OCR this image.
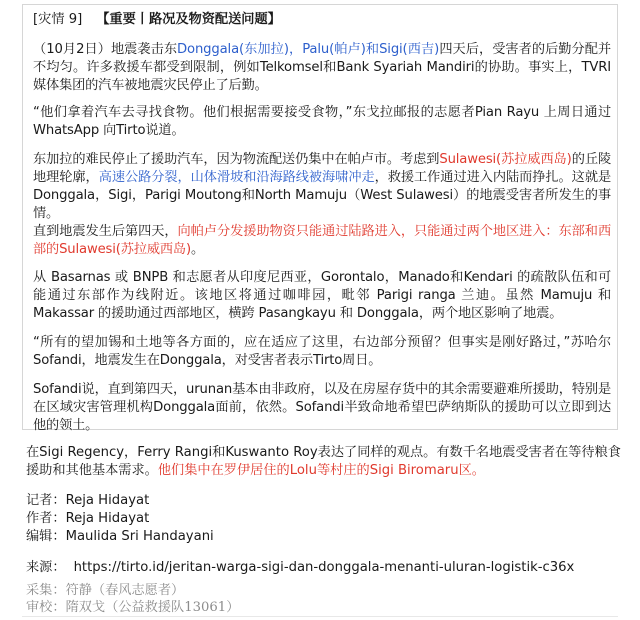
[灾情 9] 【重要丨路况及物资配送问题】

（10月2日）地震袭击东Donggala(东加拉)，Palu(帕卢)和Sigi(西吉)四天后，受害者的后勤分配并不均匀。许多救援车都受到限制，例如Telkomsel和Bank Syariah Mandiri的协助。事实上，TVRI媒体集团的汽车被地震灾民停止了后勤。

“他们拿着汽车去寻找食物。他们根据需要接受食物，”东戈拉邮报的志愿者Pian Rayu 上周日通过 WhatsApp 向Tirto说道。

东加拉的难民停止了援助汽车，因为物流配送仍集中在帕卢市。考虑到Sulawesi(苏拉威西岛)的丘陵地理轮廓，高速公路分裂，山体滑坡和沿海路线被海啸冲走，救援工作通过进入内陆而挣扎。这就是Donggala，Sigi，Parigi Moutong和North Mamuju（West Sulawesi）的地震受害者所发生的事情。

直到地震发生后第四天，向帕卢分发援助物资只能通过陆路进入，只能通过两个地区进入：东部和西部的Sulawesi(苏拉威西岛)。

从 Basarnas 或 BNPB 和志愿者从印度尼西亚，Gorontalo，Manado和Kendari 的疏散队伍和可能通过东部作为线附近。该地区将通过咖啡园，毗邻 Parigi ranga 兰迪。虽然 Mamuju 和 Makassar 的援助通过西部地区，横跨 Pasangkayu 和 Donggala，两个地区影响了地震。

“所有的望加锡和土地等各方面的，应在适应了这里，右边部分预留？但事实是刚好路过，”苏哈尔Sofandi，地震发生在Donggala，对受害者表示Tirto周日。

Sofandi说，直到第四天，urunan基本由非政府，以及在房屋存货中的其余需要避难所援助，特别是在区域灾害管理机构Donggala面前，依然。Sofandi半致命地希望巴萨纳斯队的援助可以立即到达他的领土。

在Sigi Regency，Ferry Rangi和Kuswanto Roy表达了同样的观点。有数千名地震受害者在等待粮食援助和其他基本需求。他们集中在罗伊居住的Lolu等村庄的Sigi Biromaru区。

记者：Reja Hidayat
作者：Reja Hidayat
编辑：Maulida Sri Handayani
来源： https://tirto.id/jeritan-warga-sigi-dan-donggala-menanti-uluran-logistik-c36x
采集：符静（春风志愿者）
审校：隋双戈（公益救援队13061）
